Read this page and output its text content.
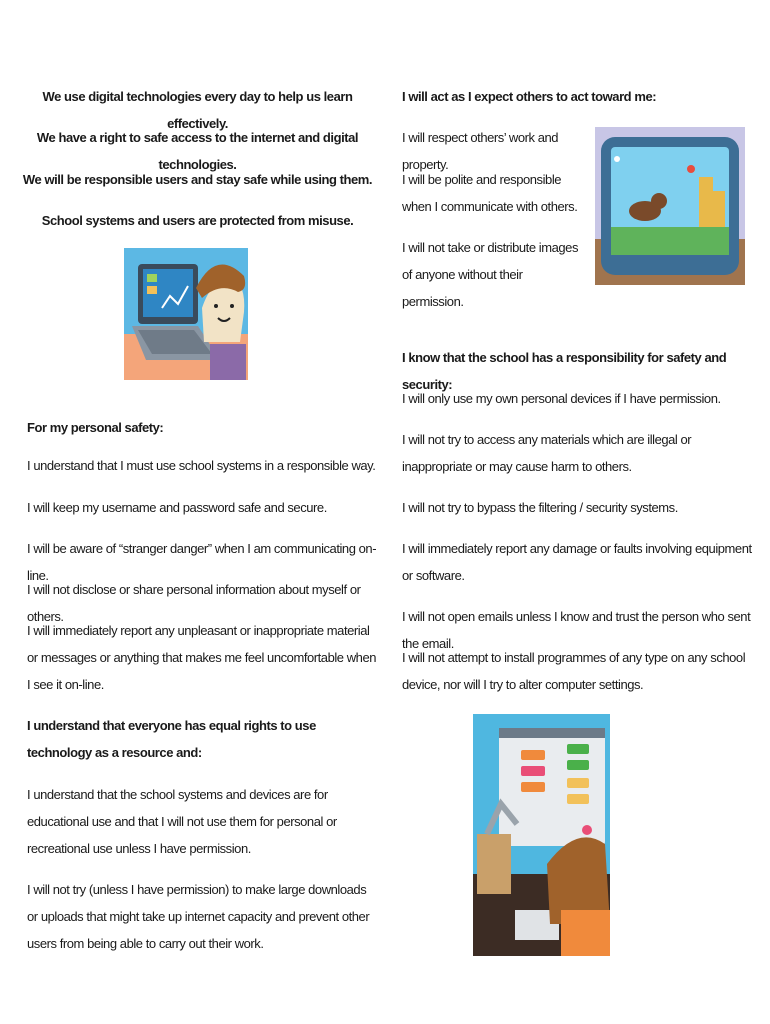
We use digital technologies every day to help us learn effectively.

We have a right to safe access to the internet and digital technologies.

We will be responsible users and stay safe while using them.

School systems and users are protected from misuse.

For my personal safety:

I understand that I must use school systems in a responsible way.

I will keep my username and password safe and secure.

I will be aware of “stranger danger” when I am communicating on-line.

I will not disclose or share personal information about myself or others.

I will immediately report any unpleasant or inappropriate material or messages or anything that makes me feel uncomfortable when I see it on-line.

I understand that everyone has equal rights to use technology as a resource and:

I understand that the school systems and devices are for educational use and that I will not use them for personal or recreational use unless I have permission.

I will not try (unless I have permission) to make large downloads or uploads that might take up internet capacity and prevent other users from being able to carry out their work.

I will act as I expect others to act toward me:

I will respect others’ work and property.

I will be polite and responsible when I communicate with others.

I will not take or distribute images of anyone without their permission.

I know that the school has a responsibility for safety and security:

I will only use my own personal devices if I have permission.

I will not try to access any materials which are illegal or inappropriate or may cause harm to others.

I will not try to bypass the filtering / security systems.

I will immediately report any damage or faults involving equipment or software.

I will not open emails unless I know and trust the person who sent the email.

I will not attempt to install programmes of any type on any school device, nor will I try to alter computer settings.
